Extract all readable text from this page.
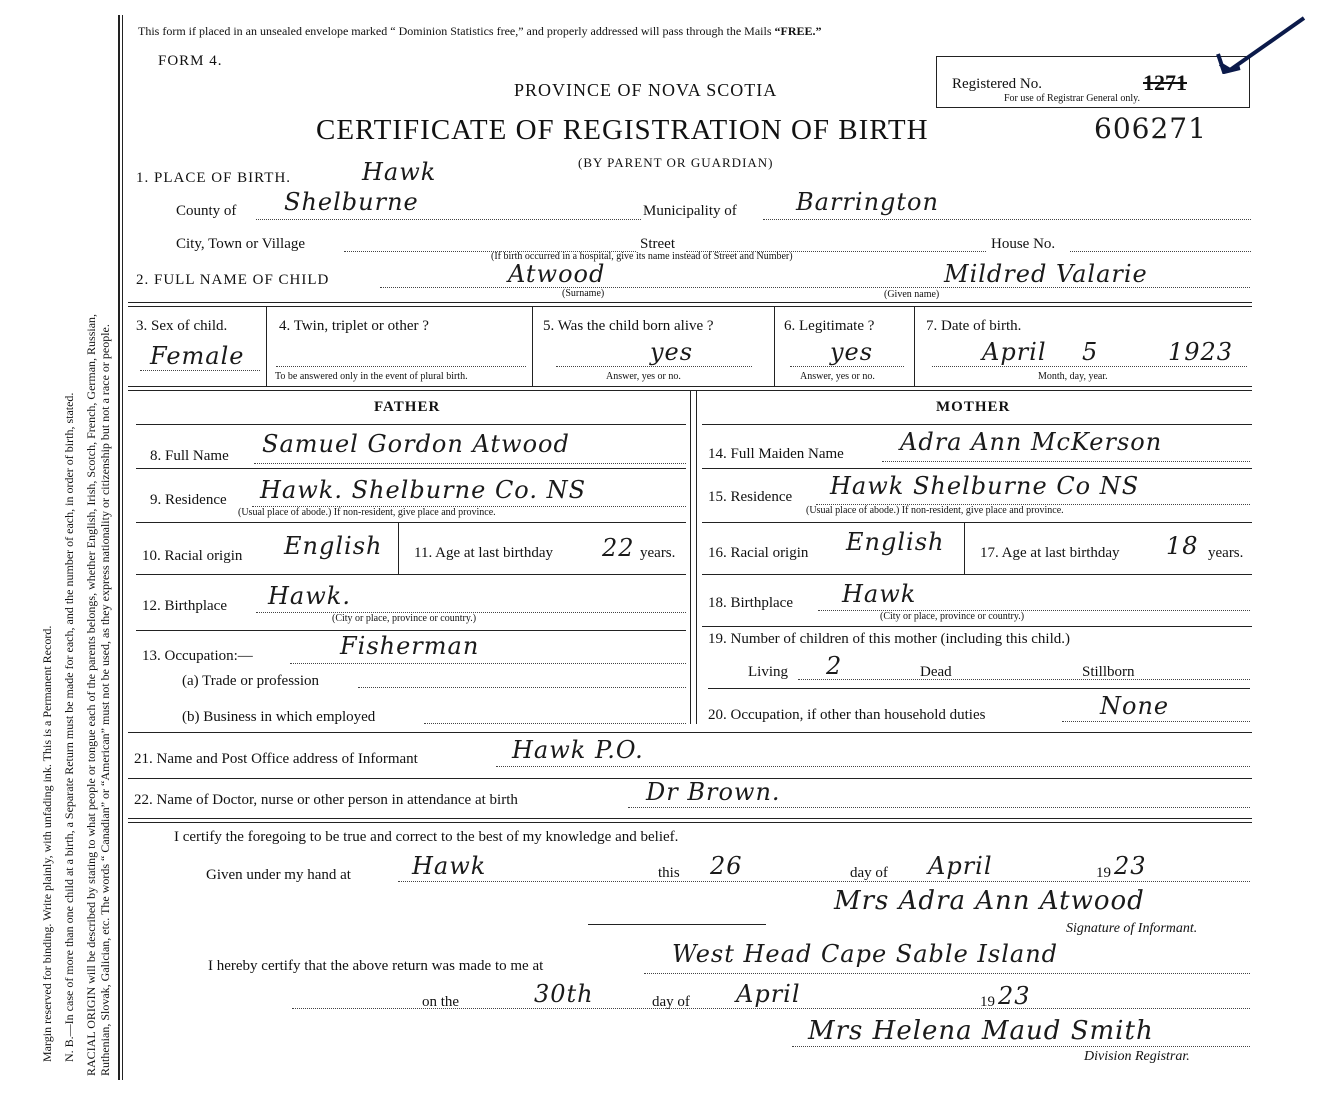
Margin reserved for binding. Write plainly, with unfading ink. This is a Permanent Record. N. B.—In case of more than one child at a birth, a Separate Return must be made for each, and the number of each, in order of birth, stated. RACIAL ORIGIN will be described by stating to what people or tongue each of the parents belongs, whether English, Irish, Scotch, French, German, Russian, Ruthenian, Slovak, Galician, etc. The words “ Canadian” or “American” must not be used, as they express nationality or citizenship but not a race or people.
This form if placed in an unsealed envelope marked “ Dominion Statistics free,” and properly addressed will pass through the Mails “FREE.”
FORM 4.
PROVINCE OF NOVA SCOTIA	Registered No.	1271
For use of Registrar General only.
CERTIFICATE OF REGISTRATION OF BIRTH	606271
(BY PARENT OR GUARDIAN)
1. PLACE OF BIRTH.	Hawk
County of Shelburne	Municipality of Barrington
City, Town or Village	Street	House No.
(If birth occurred in a hospital, give its name instead of Street and Number)
2. FULL NAME OF CHILD	Atwood	Mildred Valarie
(Surname)	(Given name)
3. Sex of child.
Female
4. Twin, triplet or other ?
To be answered only in the event of plural birth.
5. Was the child born alive ?
yes
Answer, yes or no.
6. Legitimate ?
yes
Answer, yes or no.
7. Date of birth.
April 5	1923
Month, day, year.
FATHER	MOTHER
8. Full Name Samuel Gordon Atwood
9. Residence Hawk. Shelburne Co. NS
(Usual place of abode.) If non-resident, give place and province.
10. Racial origin English 11. Age at last birthday 22 years.
12. Birthplace Hawk.
(City or place, province or country.)
13. Occupation:—	Fisherman
(a) Trade or profession
(b) Business in which employed
14. Full Maiden Name Adra Ann McKerson
15. Residence Hawk Shelburne Co NS
(Usual place of abode.) If non-resident, give place and province.
16. Racial origin English 17. Age at last birthday 18 years.
18. Birthplace Hawk
(City or place, province or country.)
19. Number of children of this mother (including this child.)
Living 2	Dead	Stillborn
20. Occupation, if other than household duties	None
21. Name and Post Office address of Informant	Hawk P.O.
22. Name of Doctor, nurse or other person in attendance at birth	Dr Brown.
I certify the foregoing to be true and correct to the best of my knowledge and belief.
Given under my hand at	Hawk	this 26	day of April	19 23
Mrs Adra Ann Atwood
Signature of Informant.
I hereby certify that the above return was made to me at	West Head Cape Sable Island
on the	30th	day of April	19 23
Mrs Helena Maud Smith
Division Registrar.
